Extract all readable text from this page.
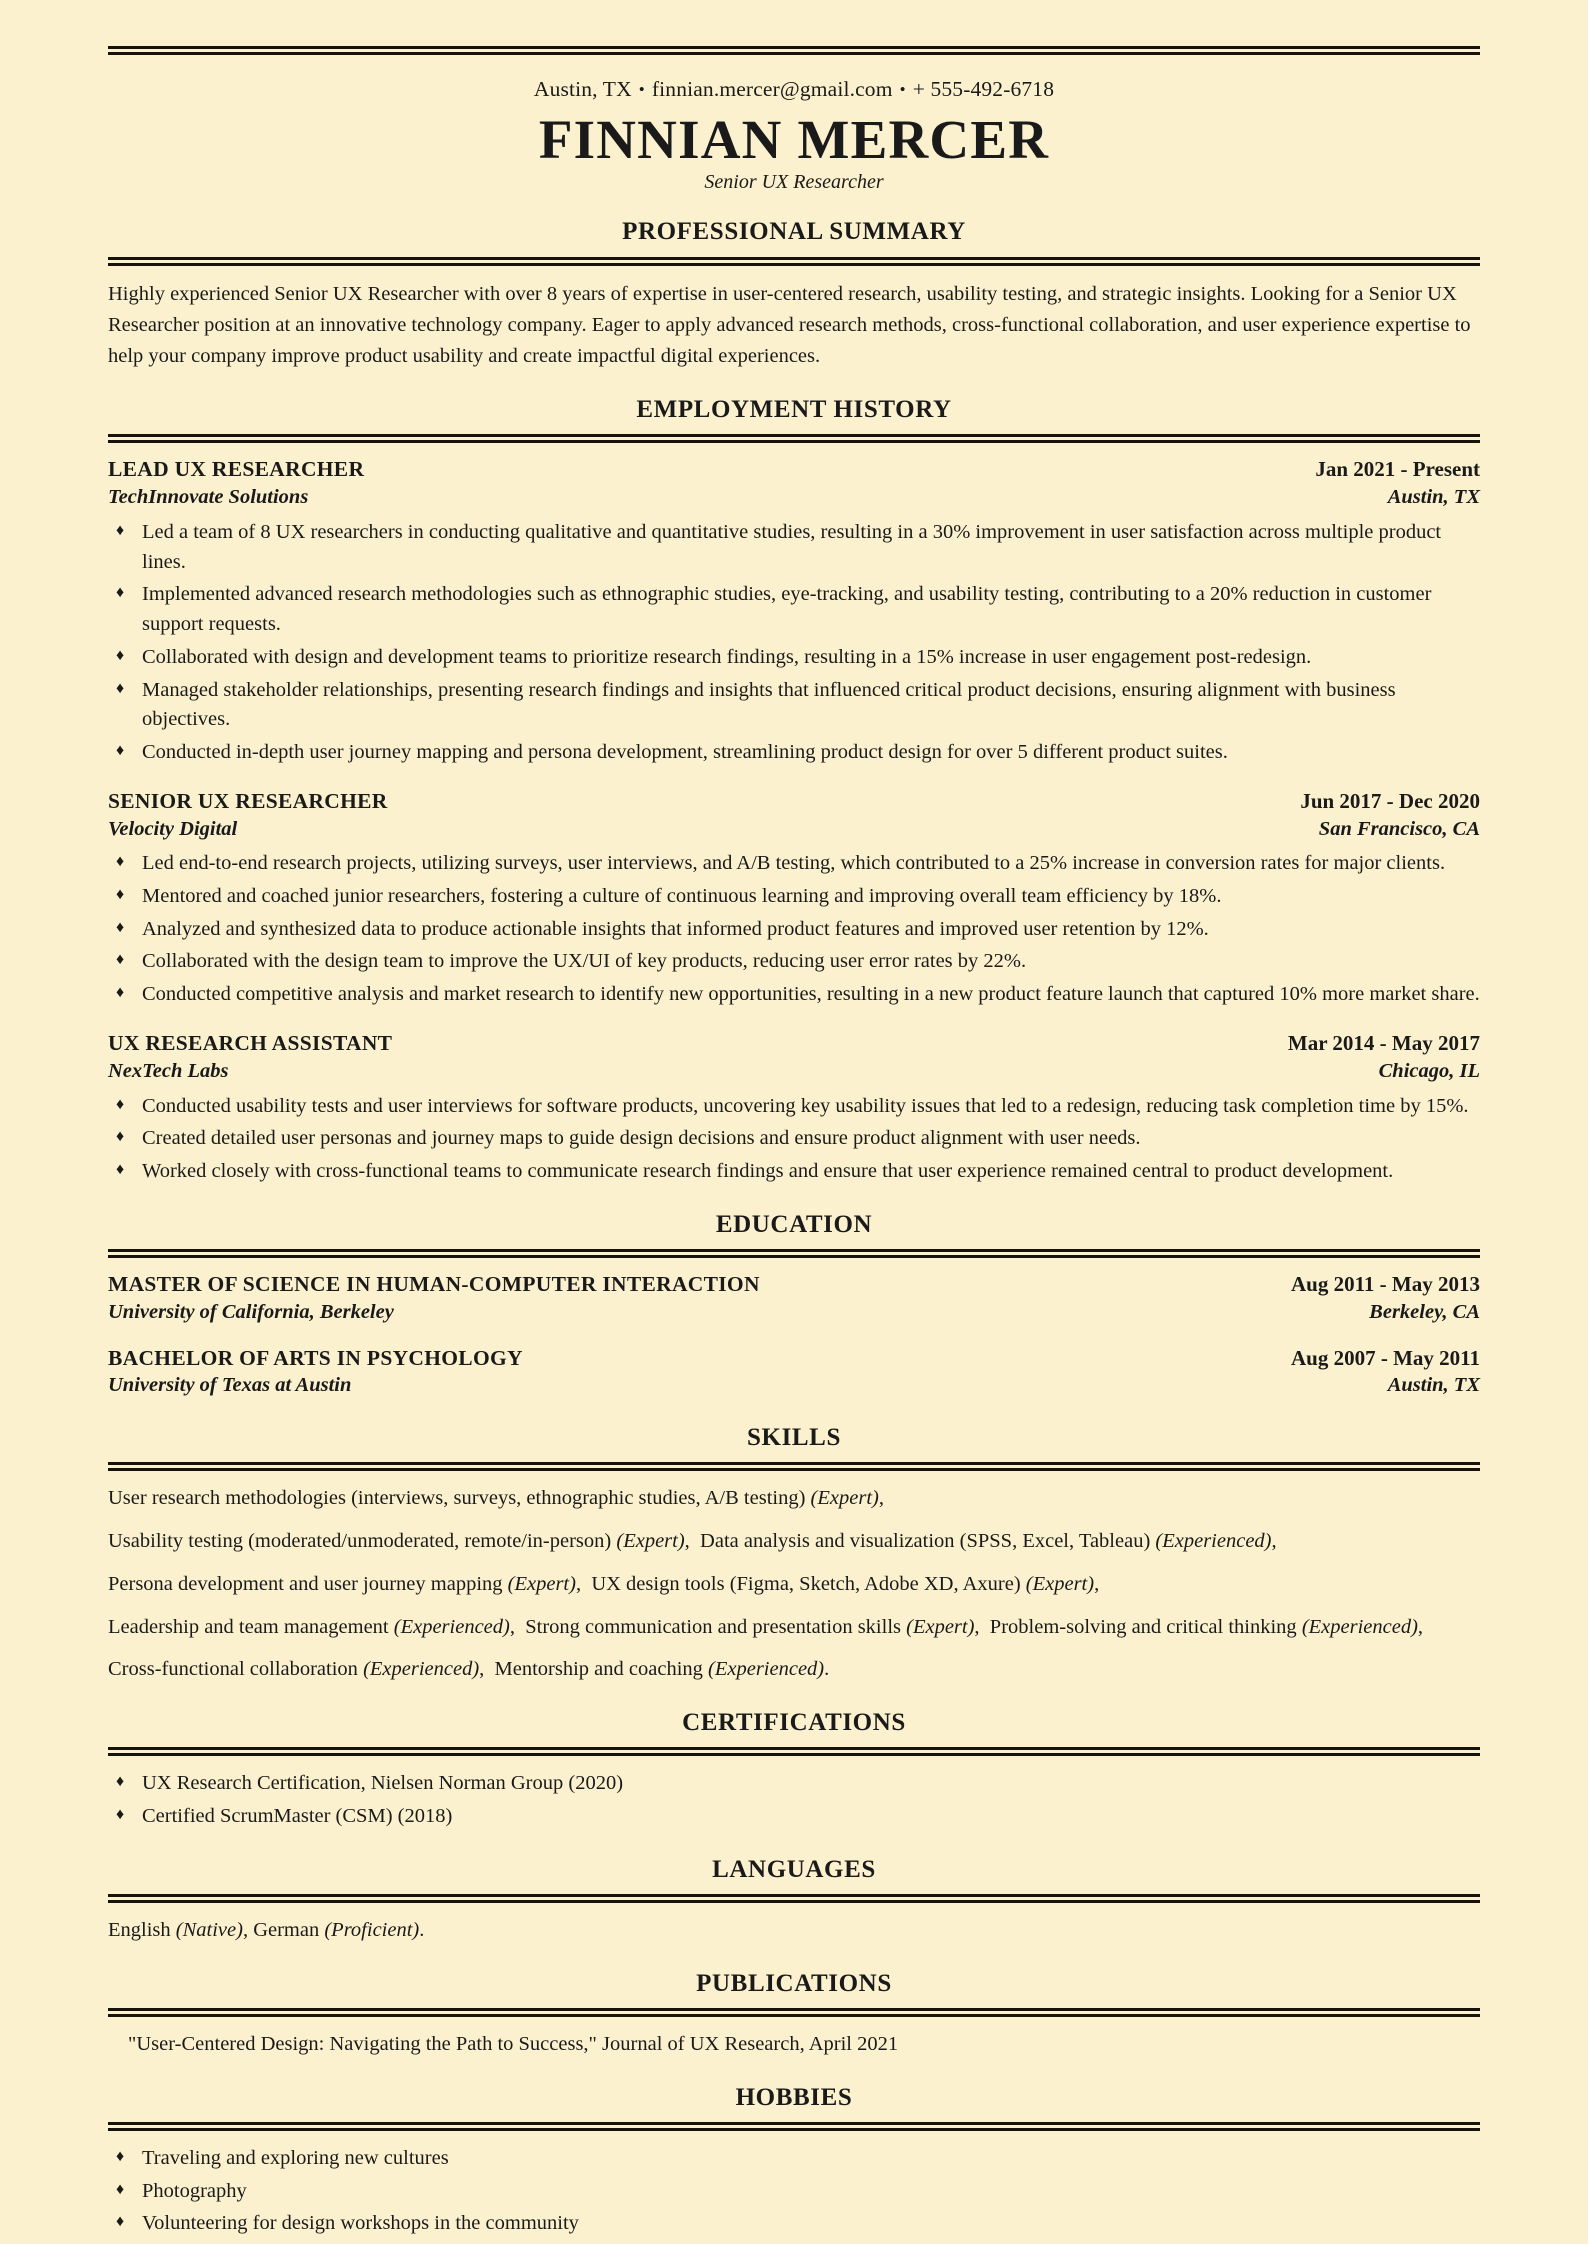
Austin, TX • finnian.mercer@gmail.com • + 555-492-6718
FINNIAN MERCER
Senior UX Researcher
PROFESSIONAL SUMMARY

Highly experienced Senior UX Researcher with over 8 years of expertise in user-centered research, usability testing, and strategic insights. Looking for a Senior UX Researcher position at an innovative technology company. Eager to apply advanced research methods, cross-functional collaboration, and user experience expertise to help your company improve product usability and create impactful digital experiences.

EMPLOYMENT HISTORY
LEAD UX RESEARCHER	Jan 2021 - Present
TechInnovate Solutions	Austin, TX
♦ Led a team of 8 UX researchers in conducting qualitative and quantitative studies, resulting in a 30% improvement in user satisfaction across multiple product lines.
♦ Implemented advanced research methodologies such as ethnographic studies, eye-tracking, and usability testing, contributing to a 20% reduction in customer support requests.
♦ Collaborated with design and development teams to prioritize research findings, resulting in a 15% increase in user engagement post-redesign.
♦ Managed stakeholder relationships, presenting research findings and insights that influenced critical product decisions, ensuring alignment with business objectives.
♦ Conducted in-depth user journey mapping and persona development, streamlining product design for over 5 different product suites.
SENIOR UX RESEARCHER	Jun 2017 - Dec 2020
Velocity Digital	San Francisco, CA
♦ Led end-to-end research projects, utilizing surveys, user interviews, and A/B testing, which contributed to a 25% increase in conversion rates for major clients.
♦ Mentored and coached junior researchers, fostering a culture of continuous learning and improving overall team efficiency by 18%.
♦ Analyzed and synthesized data to produce actionable insights that informed product features and improved user retention by 12%.
♦ Collaborated with the design team to improve the UX/UI of key products, reducing user error rates by 22%.
♦ Conducted competitive analysis and market research to identify new opportunities, resulting in a new product feature launch that captured 10% more market share.
UX RESEARCH ASSISTANT	Mar 2014 - May 2017
NexTech Labs	Chicago, IL
♦ Conducted usability tests and user interviews for software products, uncovering key usability issues that led to a redesign, reducing task completion time by 15%.
♦ Created detailed user personas and journey maps to guide design decisions and ensure product alignment with user needs.
♦ Worked closely with cross-functional teams to communicate research findings and ensure that user experience remained central to product development.
EDUCATION
MASTER OF SCIENCE IN HUMAN-COMPUTER INTERACTION	Aug 2011 - May 2013
University of California, Berkeley	Berkeley, CA
BACHELOR OF ARTS IN PSYCHOLOGY	Aug 2007 - May 2011
University of Texas at Austin	Austin, TX
SKILLS
User research methodologies (interviews, surveys, ethnographic studies, A/B testing) (Expert),
Usability testing (moderated/unmoderated, remote/in-person) (Expert),  Data analysis and visualization (SPSS, Excel, Tableau) (Experienced),
Persona development and user journey mapping (Expert),  UX design tools (Figma, Sketch, Adobe XD, Axure) (Expert),
Leadership and team management (Experienced),  Strong communication and presentation skills (Expert),  Problem-solving and critical thinking (Experienced),
Cross-functional collaboration (Experienced),  Mentorship and coaching (Experienced).
CERTIFICATIONS
♦ UX Research Certification, Nielsen Norman Group (2020)
♦ Certified ScrumMaster (CSM) (2018)
LANGUAGES

English (Native), German (Proficient).

PUBLICATIONS

"User-Centered Design: Navigating the Path to Success," Journal of UX Research, April 2021

HOBBIES
♦ Traveling and exploring new cultures
♦ Photography
♦ Volunteering for design workshops in the community
